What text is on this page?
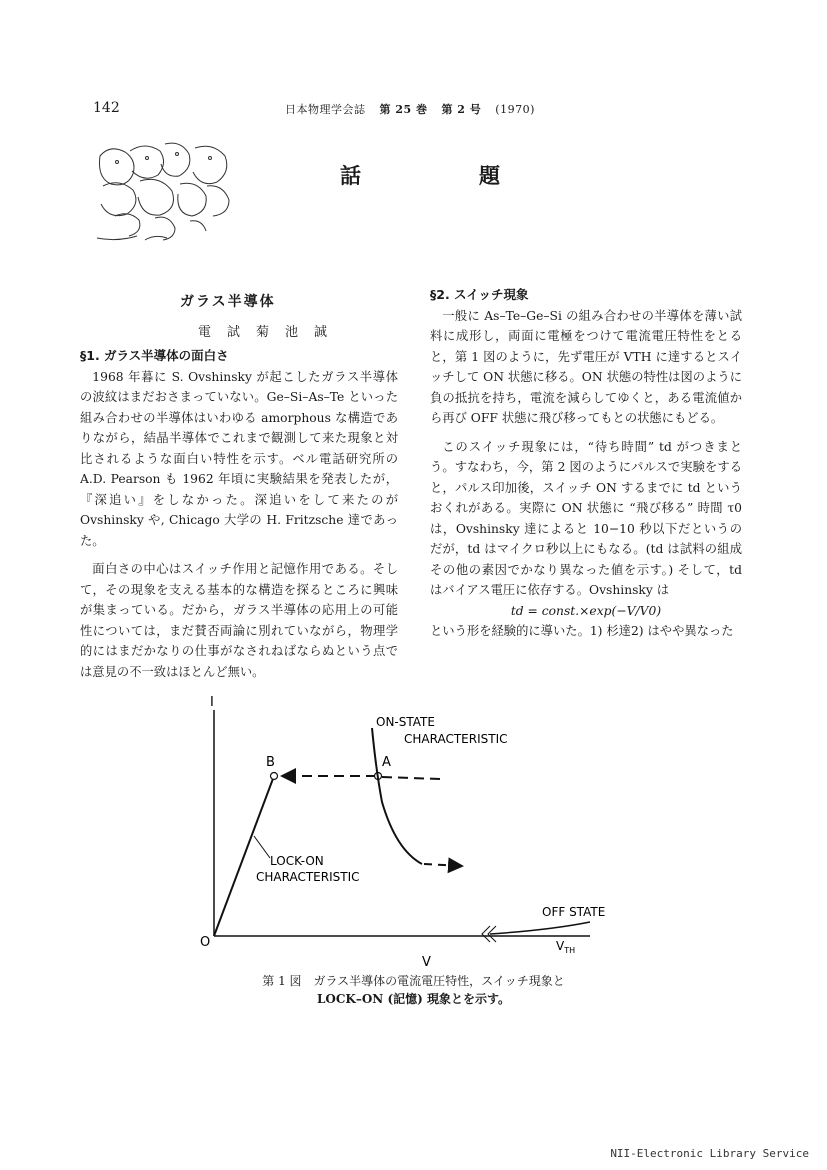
142	日本物理学会誌 第 25 巻 第 2 号 (1970)
話	題
ガラス半導体
電試菊池誠
§1. ガラス半導体の面白さ

1968 年暮に S. Ovshinsky が起こしたガラス半導体の波紋はまだおさまっていない。Ge–Si–As–Te といった組み合わせの半導体はいわゆる amorphous な構造でありながら，結晶半導体でこれまで観測して来た現象と対比されるような面白い特性を示す。ベル電話研究所の A.D. Pearson も 1962 年頃に実験結果を発表したが，『深追い』をしなかった。深追いをして来たのが Ovshinsky や, Chicago 大学の H. Fritzsche 達であった。

面白さの中心はスイッチ作用と記憶作用である。そして，その現象を支える基本的な構造を探るところに興味が集まっている。だから，ガラス半導体の応用上の可能性については，まだ賛否両論に別れていながら，物理学的にはまだかなりの仕事がなされねばならぬという点では意見の不一致はほとんど無い。

§2. スイッチ現象

一般に As–Te–Ge–Si の組み合わせの半導体を薄い試料に成形し，両面に電極をつけて電流電圧特性をとると，第 1 図のように，先ず電圧が VTH に達するとスイッチして ON 状態に移る。ON 状態の特性は図のように負の抵抗を持ち，電流を減らしてゆくと，ある電流値から再び OFF 状態に飛び移ってもとの状態にもどる。

このスイッチ現象には，“待ち時間” td がつきまとう。すなわち，今，第 2 図のようにパルスで実験をすると，パルス印加後，スイッチ ON するまでに td というおくれがある。実際に ON 状態に “飛び移る” 時間 τ0 は，Ovshinsky 達によると 10−10 秒以下だというのだが，td はマイクロ秒以上にもなる。(td は試料の組成その他の素因でかなり異なった値を示す。) そして，td はバイアス電圧に依存する。Ovshinsky は

td = const.×exp(−V/V0)

という形を経験的に導いた。1) 杉達2) はやや異なった

I
V
O
LOCK-ON
CHARACTERISTIC
B	A
ON-STATE
CHARACTERISTIC
OFF STATE
$V_{TH}$
第 1 図　ガラス半導体の電流電圧特性，スイッチ現象と
LOCK–ON (記憶) 現象とを示す。
NII-Electronic Library Service
